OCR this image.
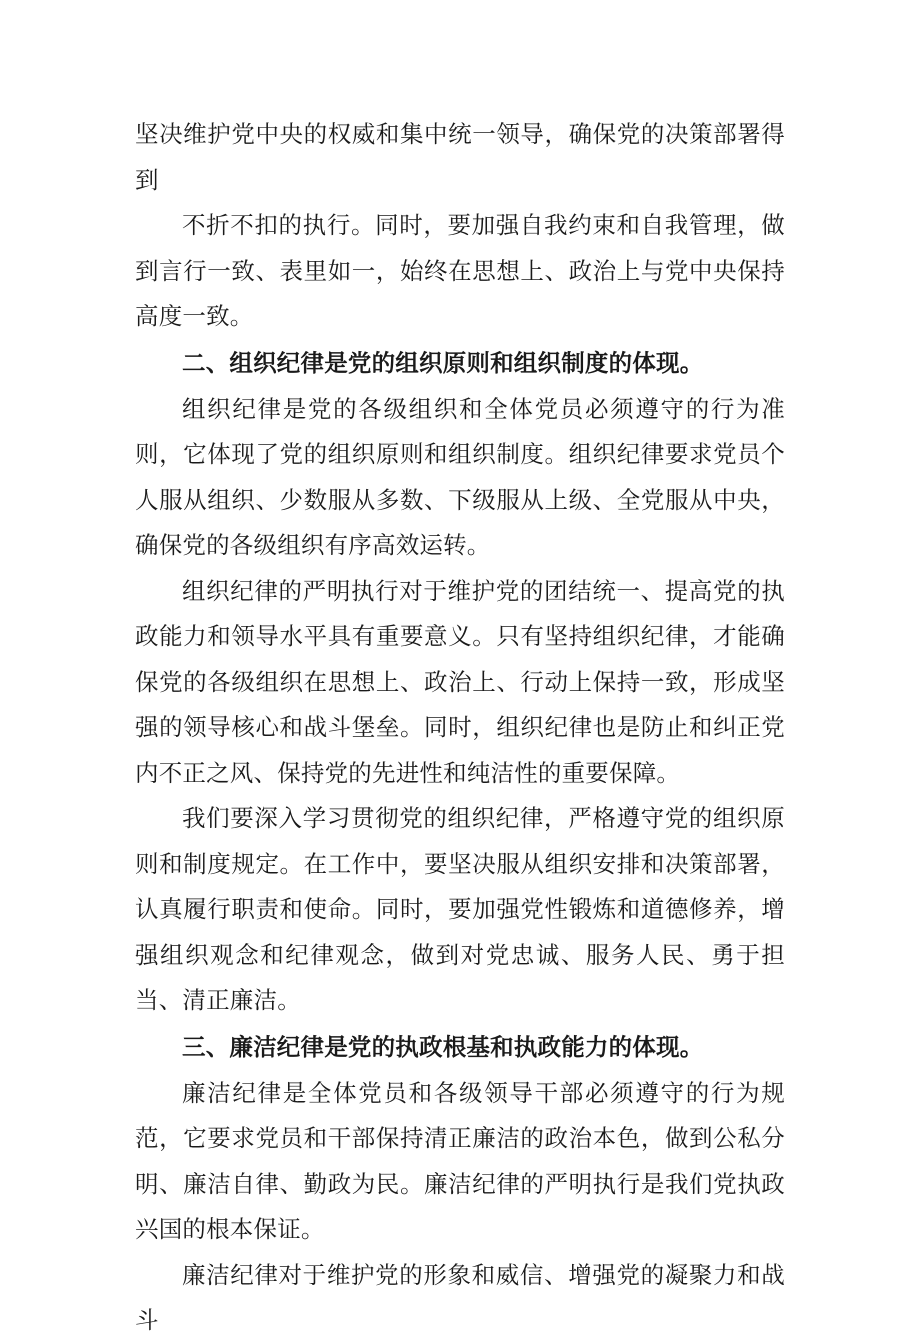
坚决维护党中央的权威和集中统一领导，确保党的决策部署得到

不折不扣的执行。同时，要加强自我约束和自我管理，做到言行一致、表里如一，始终在思想上、政治上与党中央保持高度一致。

二、组织纪律是党的组织原则和组织制度的体现。

组织纪律是党的各级组织和全体党员必须遵守的行为准则，它体现了党的组织原则和组织制度。组织纪律要求党员个人服从组织、少数服从多数、下级服从上级、全党服从中央，确保党的各级组织有序高效运转。

组织纪律的严明执行对于维护党的团结统一、提高党的执政能力和领导水平具有重要意义。只有坚持组织纪律，才能确保党的各级组织在思想上、政治上、行动上保持一致，形成坚强的领导核心和战斗堡垒。同时，组织纪律也是防止和纠正党内不正之风、保持党的先进性和纯洁性的重要保障。

我们要深入学习贯彻党的组织纪律，严格遵守党的组织原则和制度规定。在工作中，要坚决服从组织安排和决策部署，认真履行职责和使命。同时，要加强党性锻炼和道德修养，增强组织观念和纪律观念，做到对党忠诚、服务人民、勇于担当、清正廉洁。

三、廉洁纪律是党的执政根基和执政能力的体现。

廉洁纪律是全体党员和各级领导干部必须遵守的行为规范，它要求党员和干部保持清正廉洁的政治本色，做到公私分明、廉洁自律、勤政为民。廉洁纪律的严明执行是我们党执政兴国的根本保证。

廉洁纪律对于维护党的形象和威信、增强党的凝聚力和战斗
